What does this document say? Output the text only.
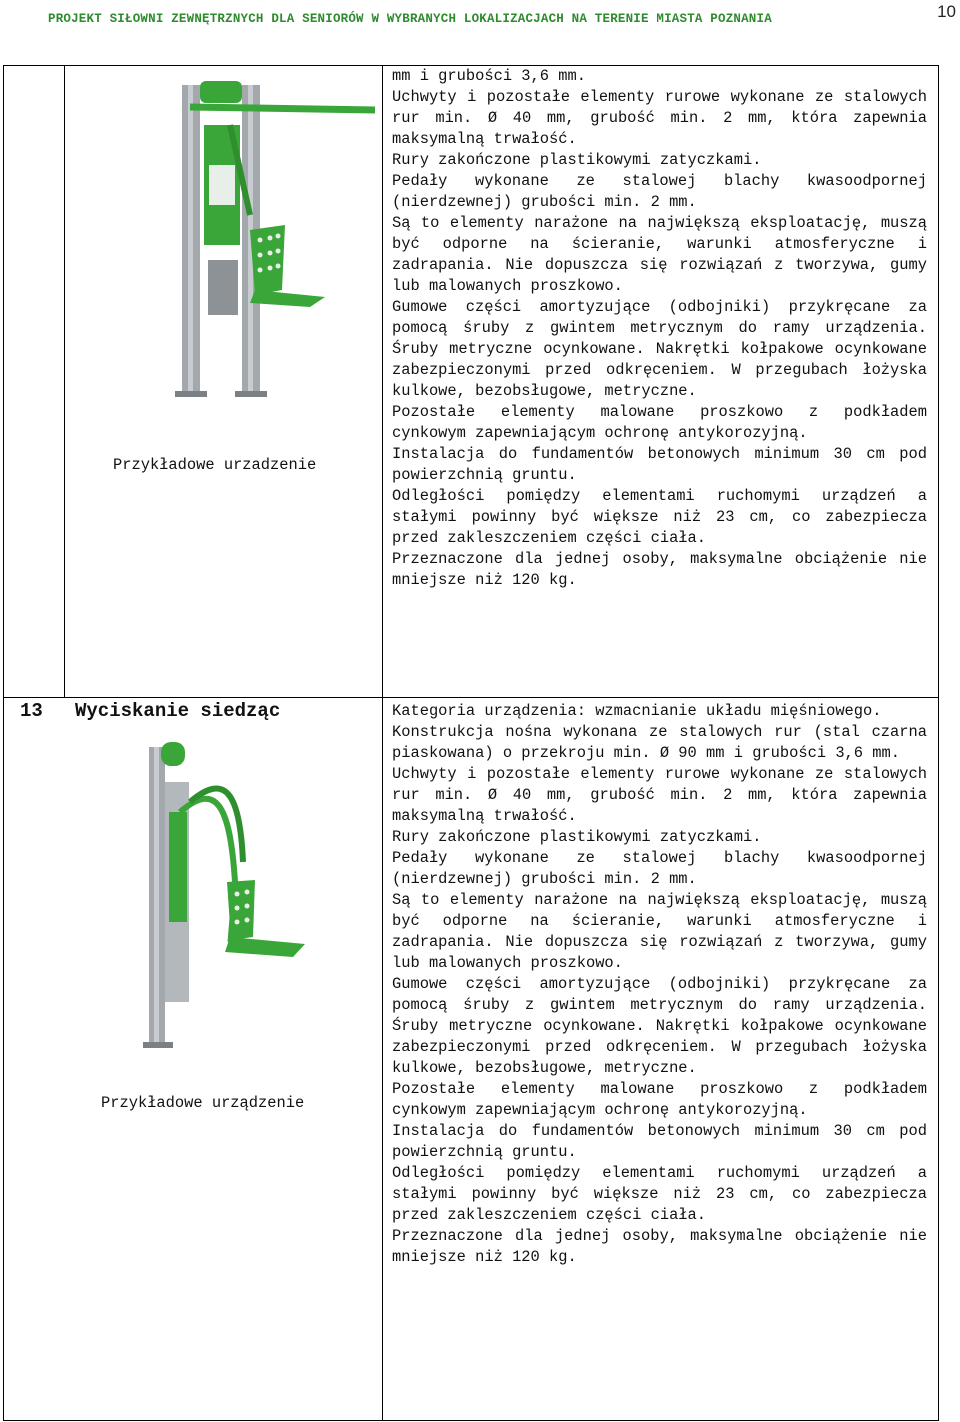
PROJEKT SIŁOWNI ZEWNĘTRZNYCH DLA SENIORÓW W WYBRANYCH LOKALIZACJACH NA TERENIE MIASTA POZNANIA	10
Przykładowe urzadzenie

mm i grubości 3,6 mm.

Uchwyty i pozostałe elementy rurowe wykonane ze stalowych rur min. Ø 40 mm, grubość min. 2 mm, która zapewnia maksymalną trwałość.

Rury zakończone plastikowymi zatyczkami.

Pedały wykonane ze stalowej blachy kwasoodpornej (nierdzewnej) grubości min. 2 mm.

Są to elementy narażone na największą eksploatację, muszą być odporne na ścieranie, warunki atmosferyczne i zadrapania. Nie dopuszcza się rozwiązań z tworzywa, gumy lub malowanych proszkowo.

Gumowe części amortyzujące (odbojniki) przykręcane za pomocą śruby z gwintem metrycznym do ramy urządzenia. Śruby metryczne ocynkowane. Nakrętki kołpakowe ocynkowane zabezpieczonymi przed odkręceniem. W przegubach łożyska kulkowe, bezobsługowe, metryczne.

Pozostałe elementy malowane proszkowo z podkładem cynkowym zapewniającym ochronę antykorozyjną.

Instalacja do fundamentów betonowych minimum 30 cm pod powierzchnią gruntu.

Odległości pomiędzy elementami ruchomymi urządzeń a stałymi powinny być większe niż 23 cm, co zabezpiecza przed zakleszczeniem części ciała.

Przeznaczone dla jednej osoby, maksymalne obciążenie nie mniejsze niż 120 kg.

13 Wyciskanie siedząc
Przykładowe urządzenie

Kategoria urządzenia: wzmacnianie układu mięśniowego.

Konstrukcja nośna wykonana ze stalowych rur (stal czarna piaskowana) o przekroju min. Ø 90 mm i grubości 3,6 mm.

Uchwyty i pozostałe elementy rurowe wykonane ze stalowych rur min. Ø 40 mm, grubość min. 2 mm, która zapewnia maksymalną trwałość.

Rury zakończone plastikowymi zatyczkami.

Pedały wykonane ze stalowej blachy kwasoodpornej (nierdzewnej) grubości min. 2 mm.

Są to elementy narażone na największą eksploatację, muszą być odporne na ścieranie, warunki atmosferyczne i zadrapania. Nie dopuszcza się rozwiązań z tworzywa, gumy lub malowanych proszkowo.

Gumowe części amortyzujące (odbojniki) przykręcane za pomocą śruby z gwintem metrycznym do ramy urządzenia. Śruby metryczne ocynkowane. Nakrętki kołpakowe ocynkowane zabezpieczonymi przed odkręceniem. W przegubach łożyska kulkowe, bezobsługowe, metryczne.

Pozostałe elementy malowane proszkowo z podkładem cynkowym zapewniającym ochronę antykorozyjną.

Instalacja do fundamentów betonowych minimum 30 cm pod powierzchnią gruntu.

Odległości pomiędzy elementami ruchomymi urządzeń a stałymi powinny być większe niż 23 cm, co zabezpiecza przed zakleszczeniem części ciała.

Przeznaczone dla jednej osoby, maksymalne obciążenie nie mniejsze niż 120 kg.
